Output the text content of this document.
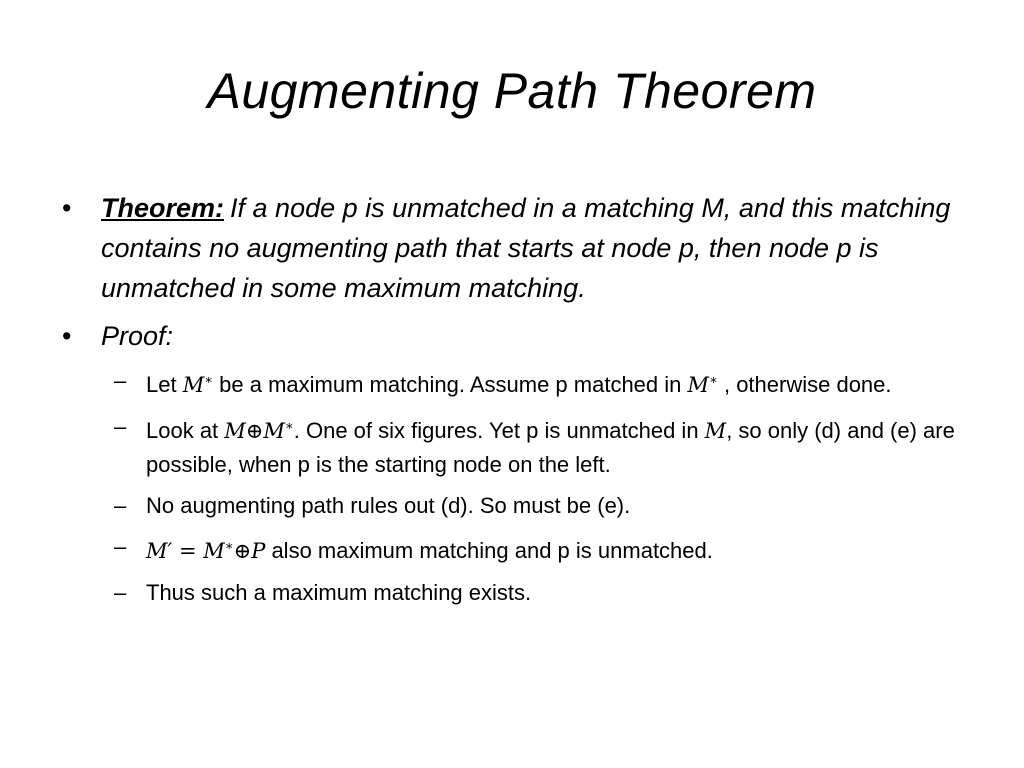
Augmenting Path Theorem
• Theorem: If a node p is unmatched in a matching M, and this matching contains no augmenting path that starts at node p, then node p is unmatched in some maximum matching.
• Proof:
– Let M∗ be a maximum matching. Assume p matched in M∗ , otherwise done.
– Look at M⊕M∗. One of six figures. Yet p is unmatched in M, so only (d) and (e) are possible, when p is the starting node on the left.
– No augmenting path rules out (d). So must be (e).
– M′ = M∗⊕P also maximum matching and p is unmatched.
– Thus such a maximum matching exists.
